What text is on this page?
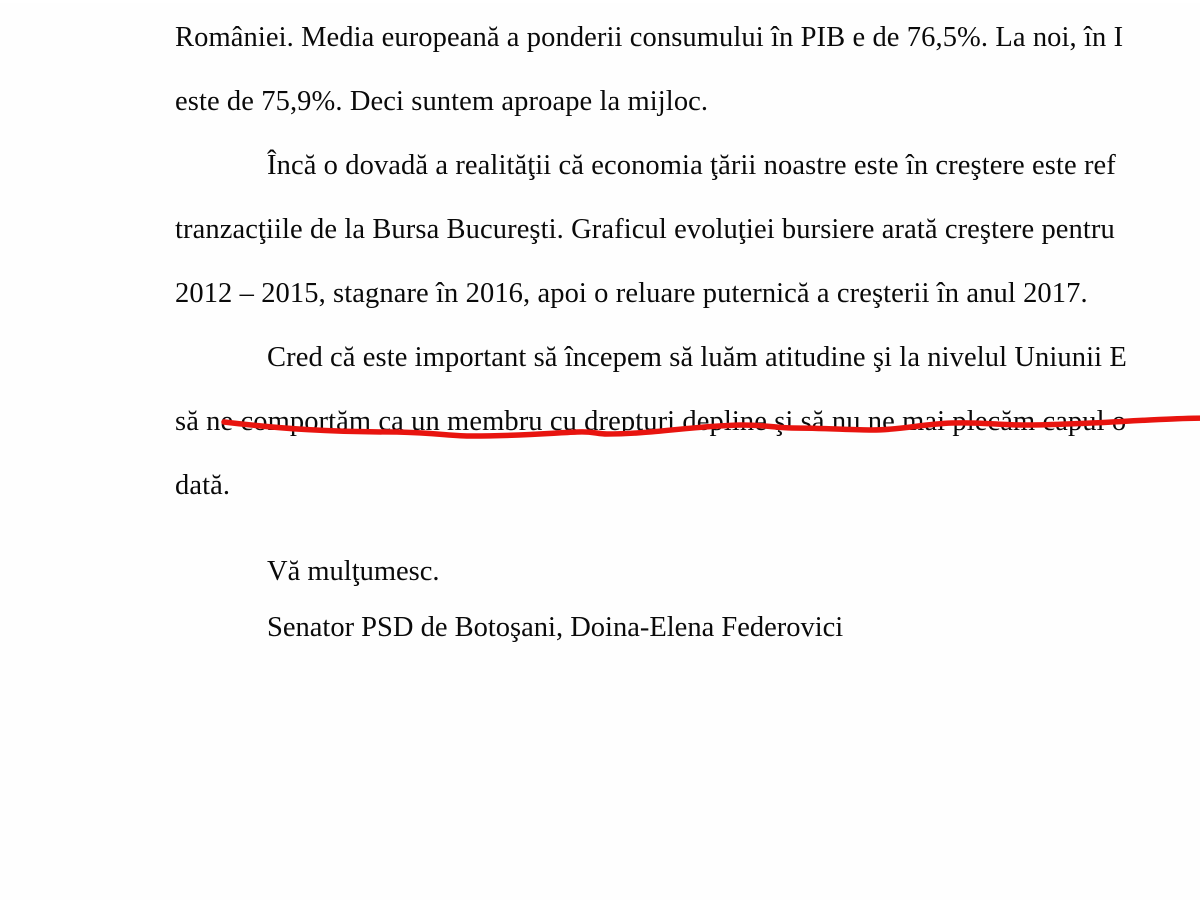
României. Media europeană a ponderii consumului în PIB e de 76,5%. La noi, în I

este de 75,9%. Deci suntem aproape la mijloc.

Încă o dovadă a realităţii că economia ţării noastre este în creştere este ref

tranzacţiile de la Bursa Bucureşti. Graficul evoluţiei bursiere arată creştere pentru

2012 – 2015, stagnare în 2016, apoi o reluare puternică a creşterii în anul 2017.

Cred că este important să începem să luăm atitudine şi la nivelul Uniunii E

să ne comportăm ca un membru cu drepturi depline şi să nu ne mai plecăm capul o

dată.

Vă mulţumesc.

Senator PSD de Botoşani, Doina-Elena Federovici
